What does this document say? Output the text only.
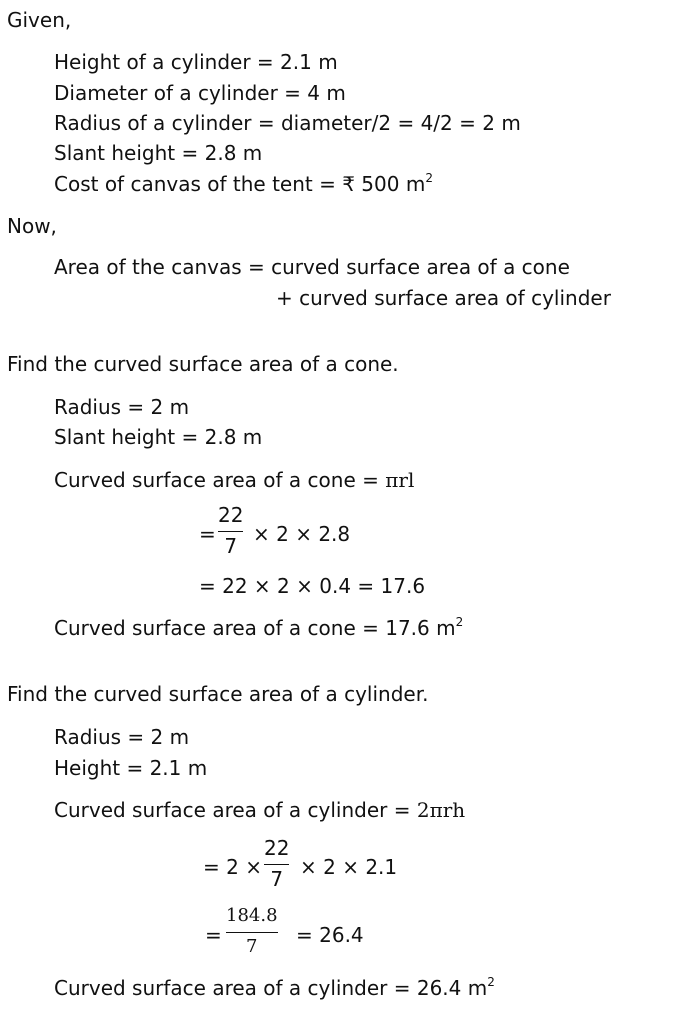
Given,
Height of a cylinder = 2.1 m
Diameter of a cylinder = 4 m
Radius of a cylinder = diameter/2 = 4/2 = 2 m
Slant height = 2.8 m
Cost of canvas of the tent = ₹ 500 $m^2$
Now,
Area of the canvas = curved surface area of a cone
+ curved surface area of cylinder
Find the curved surface area of a cone.
Radius = 2 m
Slant height = 2.8 m
Curved surface area of a cone = πrl
=
22
7 × 2 × 2.8
= 22 × 2 × 0.4 = 17.6
Curved surface area of a cone = 17.6 $m^2$
Find the curved surface area of a cylinder.
Radius = 2 m
Height = 2.1 m
Curved surface area of a cylinder = 2πrh
= 2 ×
22
7 × 2 × 2.1
=
184.8
7 = 26.4
Curved surface area of a cylinder = 26.4 $m^2$
